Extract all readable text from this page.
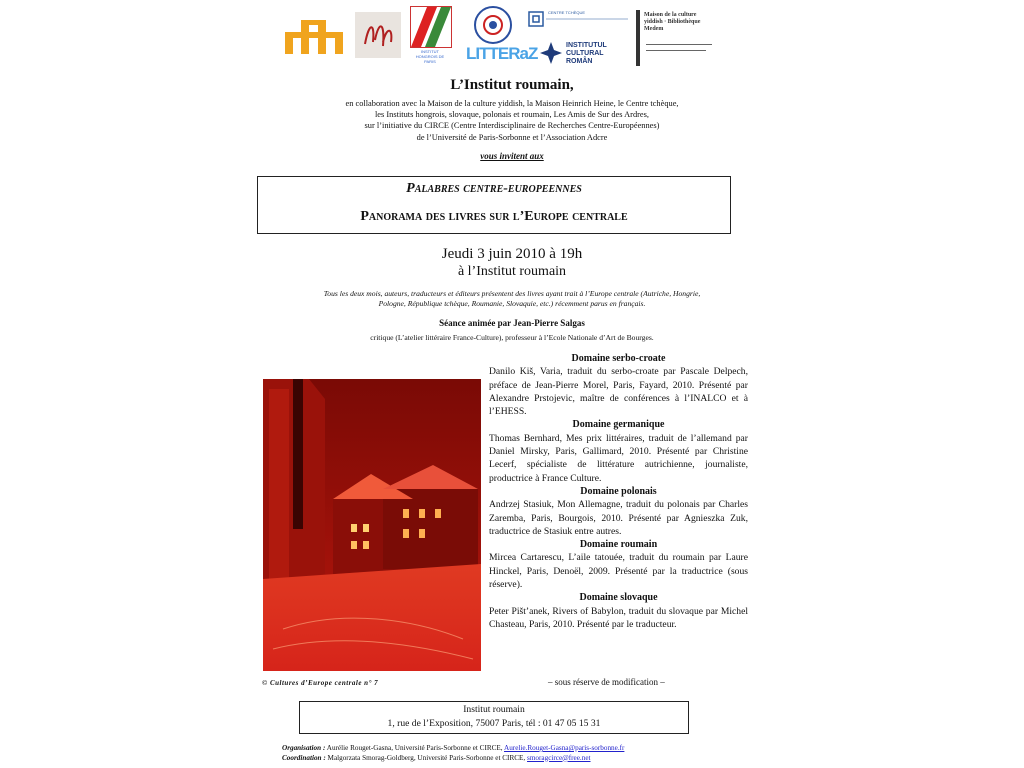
INSTITUT HONGROIS DE PARIS	LITTERaZ
CENTRE TCHÈQUE
INSTITUTUL CULTURAL ROMÂN
Maison de la culture yiddish · Bibliothèque Medem
L’Institut roumain,
en collaboration avec la Maison de la culture yiddish, la Maison Heinrich Heine, le Centre tchèque,
les Instituts hongrois, slovaque, polonais et roumain, Les Amis de Sur des Ardres,
sur l’initiative du CIRCE (Centre Interdisciplinaire de Recherches Centre-Européennes)
de l’Université de Paris-Sorbonne et l’Association Adcre
vous invitent aux
Palabres centre-europeennes
Panorama des livres sur l’Europe centrale
Jeudi 3 juin 2010 à 19h
à l’Institut roumain
Tous les deux mois, auteurs, traducteurs et éditeurs présentent des livres ayant trait à l’Europe centrale (Autriche, Hongrie, Pologne, République tchèque, Roumanie, Slovaquie, etc.) récemment parus en français.
Séance animée par Jean-Pierre Salgas
critique (L’atelier littéraire France-Culture), professeur à l’Ecole Nationale d’Art de Bourges.
© Cultures d’Europe centrale n° 7
Domaine serbo-croate
Danilo Kiš, Varia, traduit du serbo-croate par Pascale Delpech, préface de Jean-Pierre Morel, Paris, Fayard, 2010. Présenté par Alexandre Prstojevic, maître de conférences à l’INALCO et à l’EHESS.
Domaine germanique
Thomas Bernhard, Mes prix littéraires, traduit de l’allemand par Daniel Mirsky, Paris, Gallimard, 2010. Présenté par Christine Lecerf, spécialiste de littérature autrichienne, journaliste, productrice à France Culture.
Domaine polonais
Andrzej Stasiuk, Mon Allemagne, traduit du polonais par Charles Zaremba, Paris, Bourgois, 2010. Présenté par Agnieszka Zuk, traductrice de Stasiuk entre autres.
Domaine roumain
Mircea Cartarescu, L’aile tatouée, traduit du roumain par Laure Hinckel, Paris, Denoël, 2009. Présenté par la traductrice (sous réserve).
Domaine slovaque
Peter Pišt’anek, Rivers of Babylon, traduit du slovaque par Michel Chasteau, Paris, 2010. Présenté par le traducteur.
– sous réserve de modification –
Institut roumain
1, rue de l’Exposition, 75007 Paris, tél : 01 47 05 15 31
Organisation : Aurélie Rouget-Gasna, Université Paris-Sorbonne et CIRCE, Aurelie.Rouget-Gasna@paris-sorbonne.fr
Coordination : Malgorzata Smorag-Goldberg, Université Paris-Sorbonne et CIRCE, smoragcirce@free.net
